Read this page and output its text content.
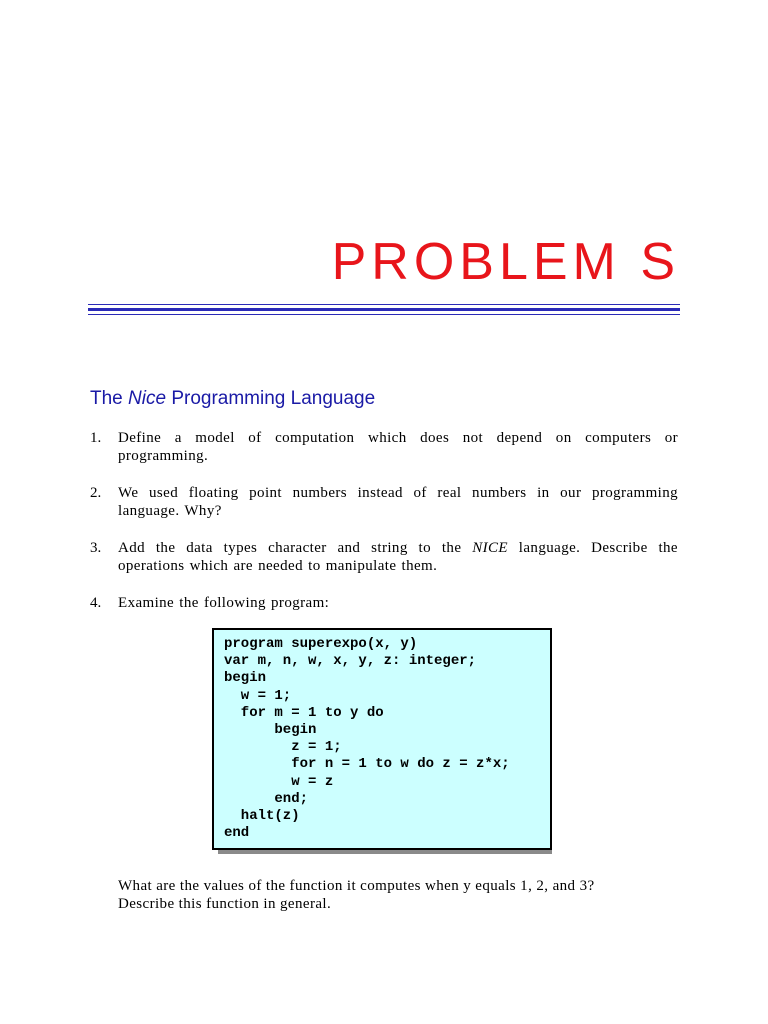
PROBLEM S
The Nice Programming Language
1.	Define a model of computation which does not depend on computers or programming.
2.	We used floating point numbers instead of real numbers in our programming language. Why?
3.	Add the data types character and string to the NICE language. Describe the operations which are needed to manipulate them.
4.	Examine the following program:
program superexpo(x, y)
var m, n, w, x, y, z: integer;
begin
w = 1;
for m = 1 to y do
begin
z = 1;
for n = 1 to w do z = z*x;
w = z
end;
halt(z)
end
What are the values of the function it computes when y equals 1, 2, and 3?
Describe this function in general.
